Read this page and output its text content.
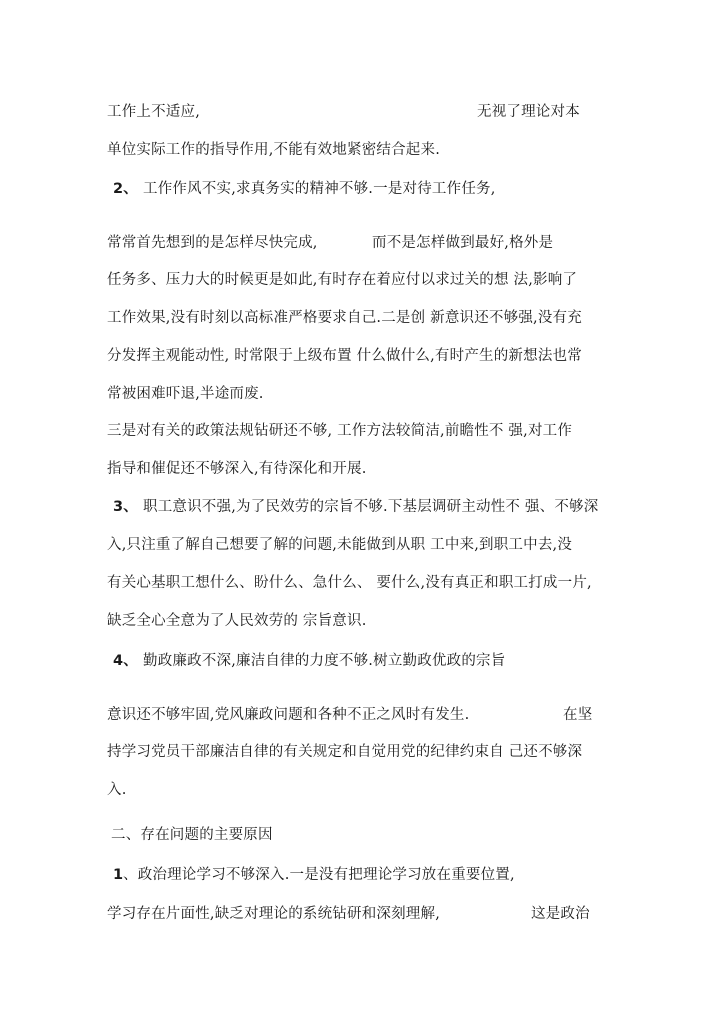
工作上不适应,	无视了理论对本
单位实际工作的指导作用,不能有效地紧密结合起来.
2、 工作作风不实,求真务实的精神不够.一是对待工作任务,
常常首先想到的是怎样尽快完成,	而不是怎样做到最好,格外是
任务多、压力大的时候更是如此,有时存在着应付以求过关的想 法,影响了
工作效果,没有时刻以高标准严格要求自己.二是创 新意识还不够强,没有充
分发挥主观能动性, 时常限于上级布置 什么做什么,有时产生的新想法也常
常被困难吓退,半途而废.
三是对有关的政策法规钻研还不够, 工作方法较简洁,前瞻性不 强,对工作
指导和催促还不够深入,有待深化和开展.
3、 职工意识不强,为了民效劳的宗旨不够.下基层调研主动性不 强、不够深
入,只注重了解自己想要了解的问题,未能做到从职 工中来,到职工中去,没
有关心基职工想什么、盼什么、急什么、 要什么,没有真正和职工打成一片,
缺乏全心全意为了人民效劳的 宗旨意识.
4、 勤政廉政不深,廉洁自律的力度不够.树立勤政优政的宗旨
意识还不够牢固,党风廉政问题和各种不正之风时有发生.	在坚
持学习党员干部廉洁自律的有关规定和自觉用党的纪律约束自 己还不够深
入.
二、存在问题的主要原因
1 、政治理论学习不够深入.一是没有把理论学习放在重要位置,
学习存在片面性,缺乏对理论的系统钻研和深刻理解,	这是政治
